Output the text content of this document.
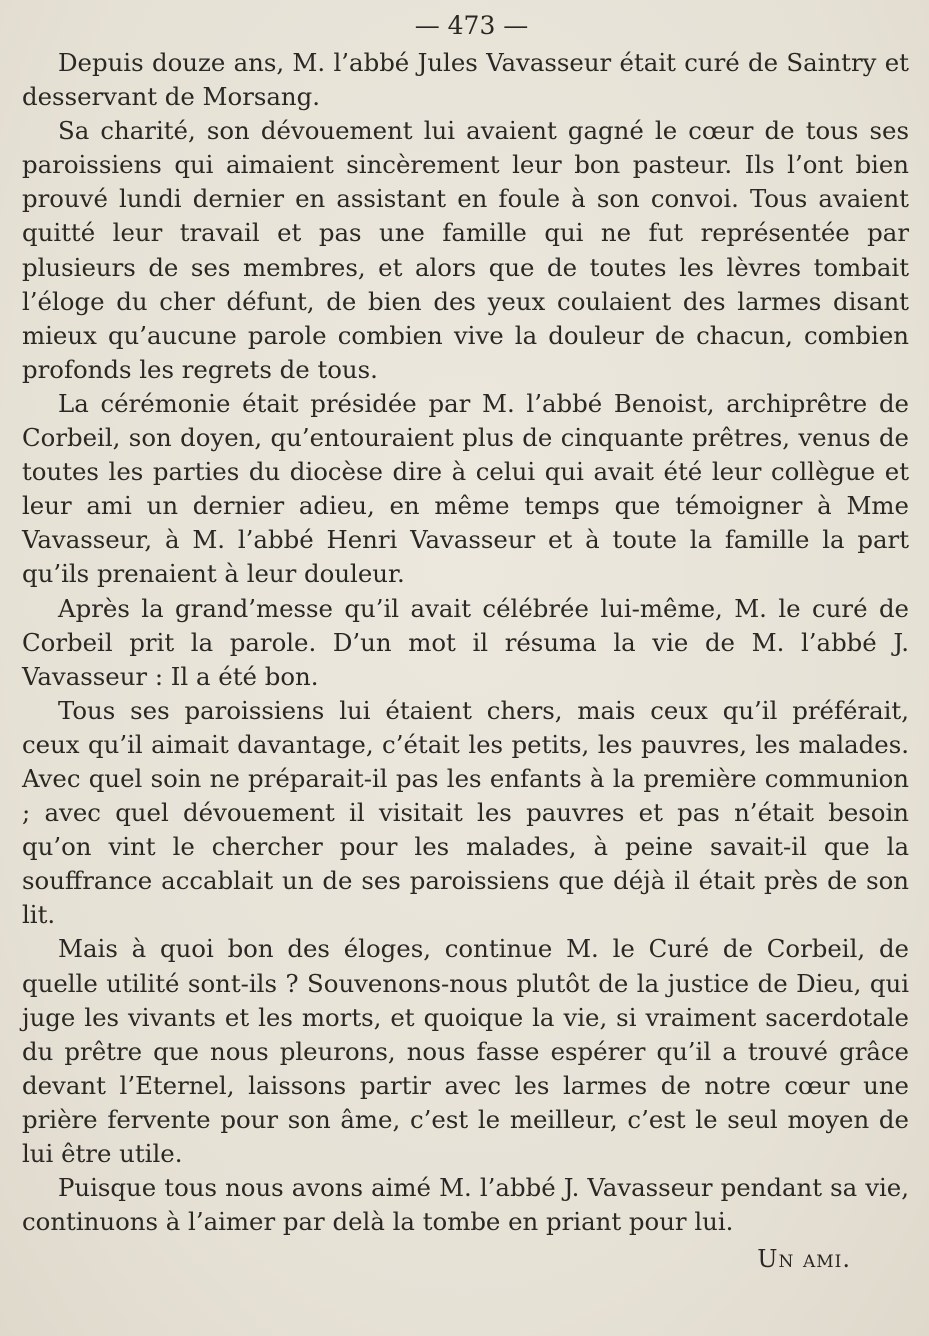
— 473 —

Depuis douze ans, M. l’abbé Jules Vavasseur était curé de Saintry et desservant de Morsang.

Sa charité, son dévouement lui avaient gagné le cœur de tous ses paroissiens qui aimaient sincèrement leur bon pasteur. Ils l’ont bien prouvé lundi dernier en assistant en foule à son convoi. Tous avaient quitté leur travail et pas une famille qui ne fut représentée par plusieurs de ses membres, et alors que de toutes les lèvres tombait l’éloge du cher défunt, de bien des yeux coulaient des larmes disant mieux qu’aucune parole combien vive la douleur de chacun, combien profonds les regrets de tous.

La cérémonie était présidée par M. l’abbé Benoist, archiprêtre de Corbeil, son doyen, qu’entouraient plus de cinquante prêtres, venus de toutes les parties du diocèse dire à celui qui avait été leur collègue et leur ami un dernier adieu, en même temps que témoigner à Mme Vavasseur, à M. l’abbé Henri Vavasseur et à toute la famille la part qu’ils prenaient à leur douleur.

Après la grand’messe qu’il avait célébrée lui-même, M. le curé de Corbeil prit la parole. D’un mot il résuma la vie de M. l’abbé J. Vavasseur : Il a été bon.

Tous ses paroissiens lui étaient chers, mais ceux qu’il préférait, ceux qu’il aimait davantage, c’était les petits, les pauvres, les malades. Avec quel soin ne préparait-il pas les enfants à la première communion ; avec quel dévouement il visitait les pauvres et pas n’était besoin qu’on vint le chercher pour les malades, à peine savait-il que la souffrance accablait un de ses paroissiens que déjà il était près de son lit.

Mais à quoi bon des éloges, continue M. le Curé de Corbeil, de quelle utilité sont-ils ? Souvenons-nous plutôt de la justice de Dieu, qui juge les vivants et les morts, et quoique la vie, si vraiment sacerdotale du prêtre que nous pleurons, nous fasse espérer qu’il a trouvé grâce devant l’Eternel, laissons partir avec les larmes de notre cœur une prière fervente pour son âme, c’est le meilleur, c’est le seul moyen de lui être utile.

Puisque tous nous avons aimé M. l’abbé J. Vavasseur pendant sa vie, continuons à l’aimer par delà la tombe en priant pour lui.

Un ami.
